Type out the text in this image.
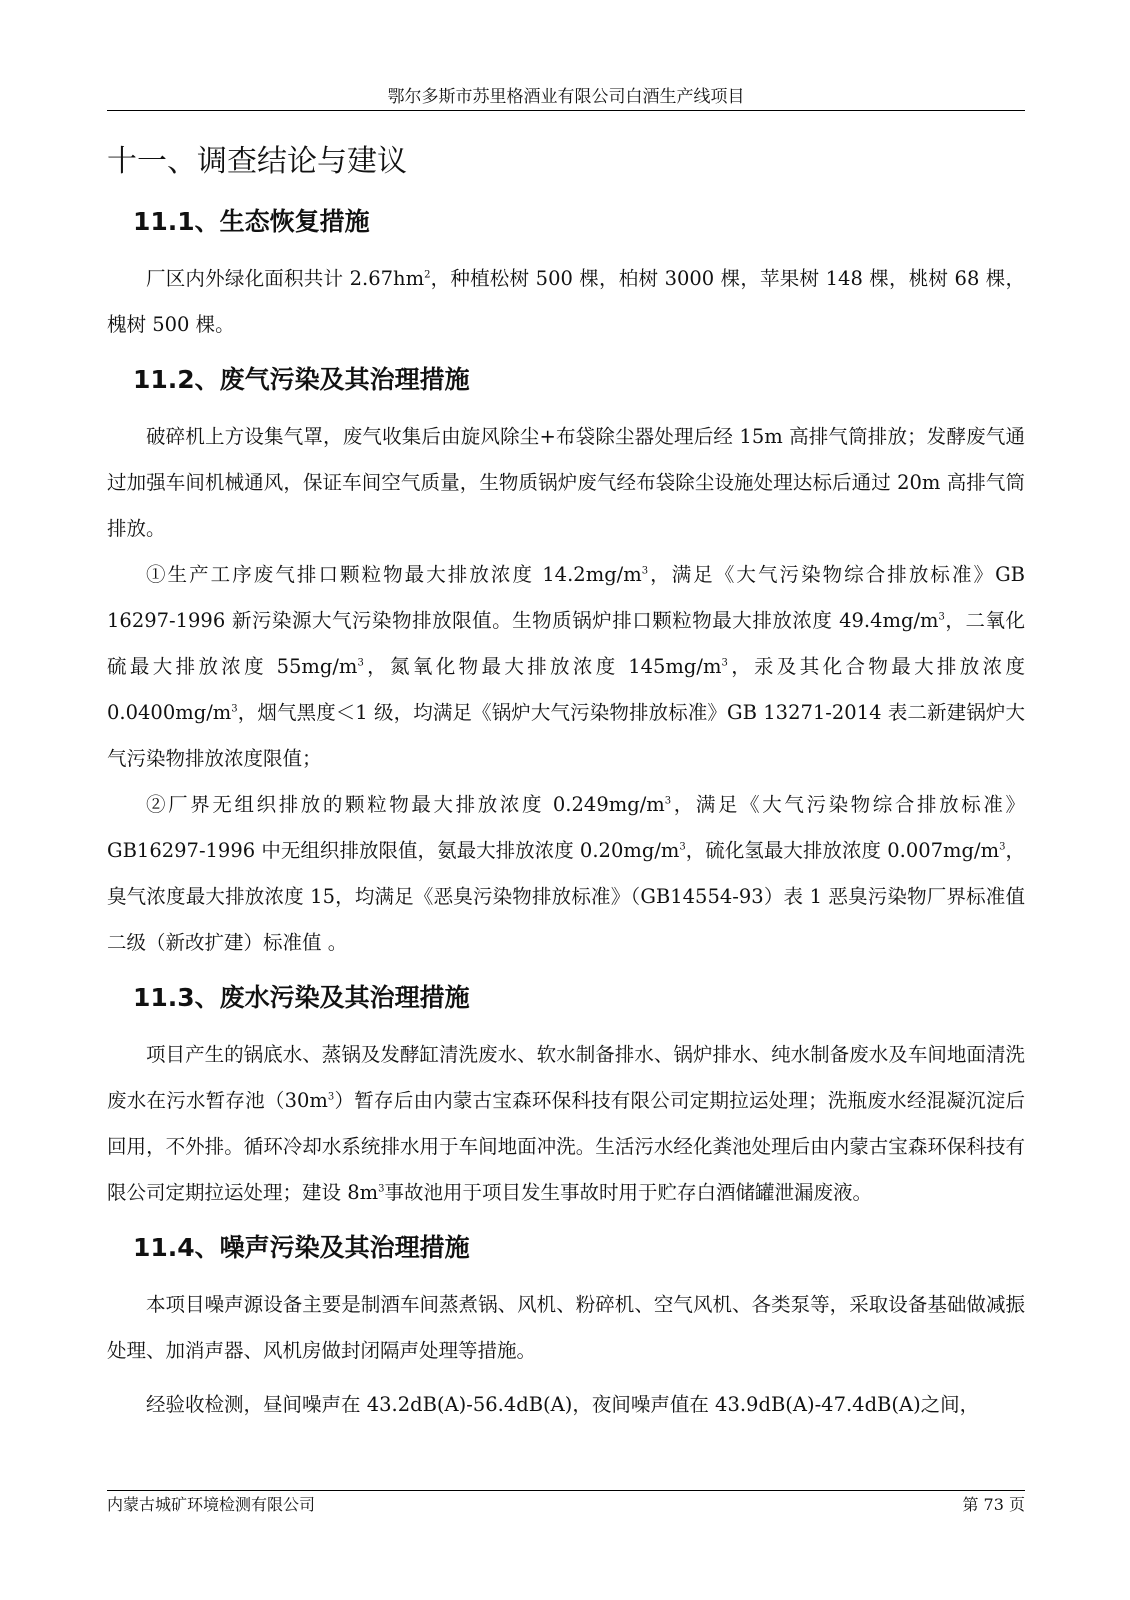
鄂尔多斯市苏里格酒业有限公司白酒生产线项目
十一、调查结论与建议
11.1、生态恢复措施

厂区内外绿化面积共计 $2.67hm^2$，种植松树 500 棵，柏树 3000 棵，苹果树 148 棵，桃树 68 棵，槐树 500 棵。

11.2、废气污染及其治理措施

破碎机上方设集气罩，废气收集后由旋风除尘+布袋除尘器处理后经 15m 高排气筒排放；发酵废气通过加强车间机械通风，保证车间空气质量，生物质锅炉废气经布袋除尘设施处理达标后通过 20m 高排气筒排放。

①生产工序废气排口颗粒物最大排放浓度 $14.2mg/m^3$，满足《大气污染物综合排放标准》GB 16297-1996 新污染源大气污染物排放限值。生物质锅炉排口颗粒物最大排放浓度 $49.4mg/m^3$，二氧化硫最大排放浓度 $55mg/m^3$，氮氧化物最大排放浓度 $145mg/m^3$，汞及其化合物最大排放浓度 $0.0400mg/m^3$，烟气黑度＜1 级，均满足《锅炉大气污染物排放标准》GB 13271-2014 表二新建锅炉大气污染物排放浓度限值；

②厂界无组织排放的颗粒物最大排放浓度 $0.249mg/m^3$，满足《大气污染物综合排放标准》GB16297-1996 中无组织排放限值，氨最大排放浓度 $0.20mg/m^3$，硫化氢最大排放浓度 $0.007mg/m^3$，臭气浓度最大排放浓度 15，均满足《恶臭污染物排放标准》（GB14554-93）表 1 恶臭污染物厂界标准值二级（新改扩建）标准值 。

11.3、废水污染及其治理措施

项目产生的锅底水、蒸锅及发酵缸清洗废水、软水制备排水、锅炉排水、纯水制备废水及车间地面清洗废水在污水暂存池$(30m^3)$暂存后由内蒙古宝森环保科技有限公司定期拉运处理；洗瓶废水经混凝沉淀后回用，不外排。循环冷却水系统排水用于车间地面冲洗。生活污水经化粪池处理后由内蒙古宝森环保科技有限公司定期拉运处理；建设 $8m^3$事故池用于项目发生事故时用于贮存白酒储罐泄漏废液。

11.4、噪声污染及其治理措施

本项目噪声源设备主要是制酒车间蒸煮锅、风机、粉碎机、空气风机、各类泵等，采取设备基础做减振处理、加消声器、风机房做封闭隔声处理等措施。

经验收检测，昼间噪声在 43.2dB(A)-56.4dB(A)，夜间噪声值在 43.9dB(A)-47.4dB(A)之间，

内蒙古城矿环境检测有限公司	第 73 页
